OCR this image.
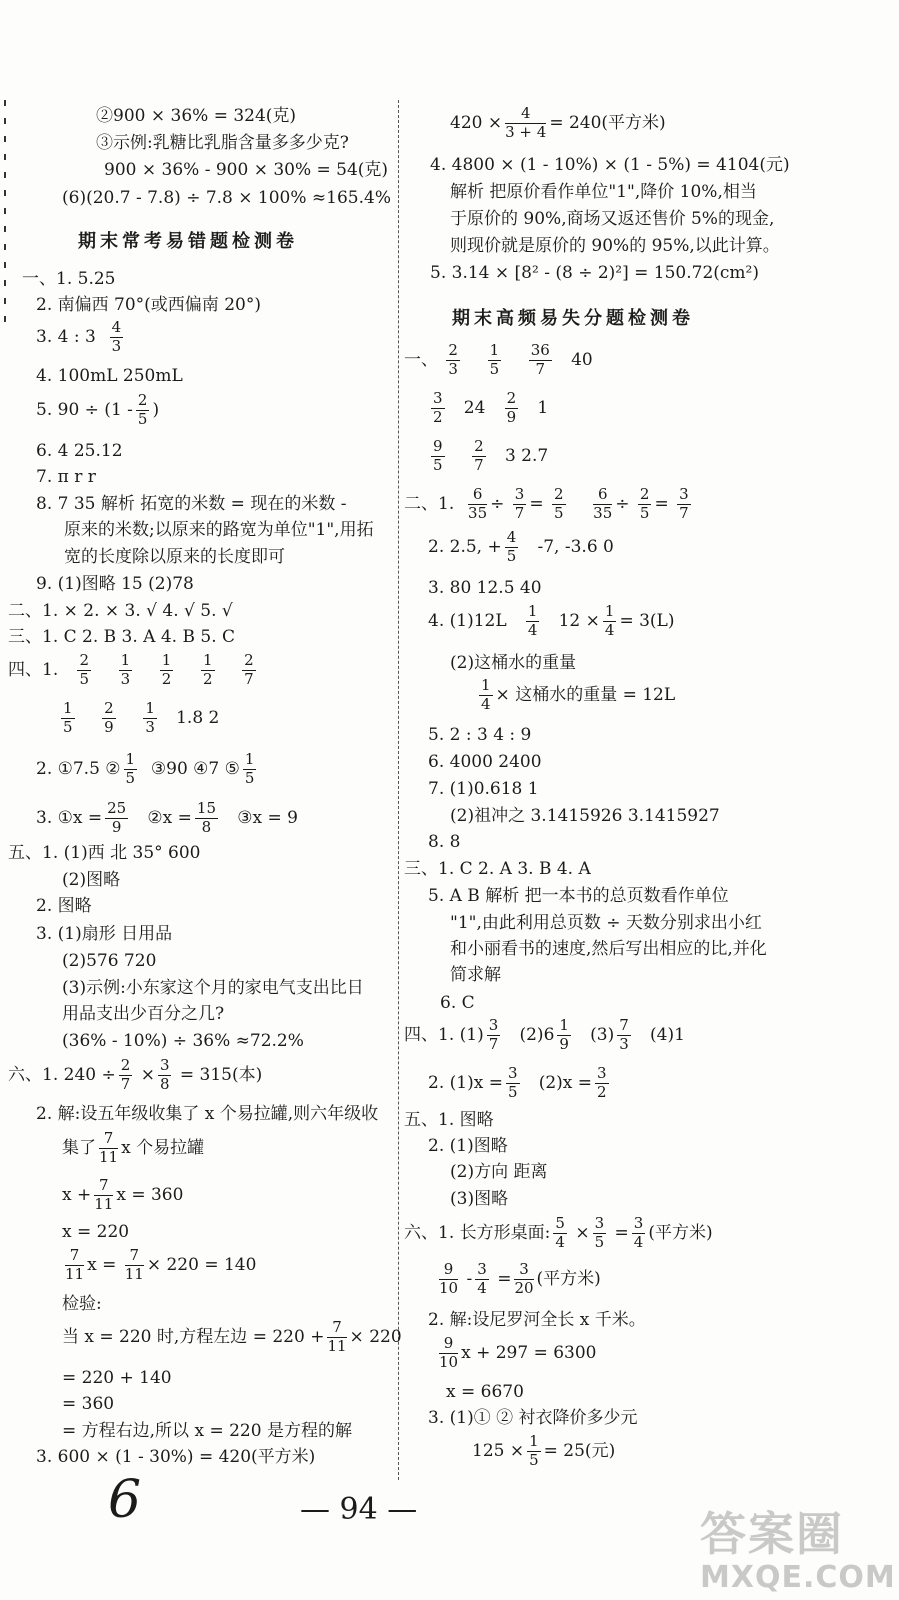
②900 × 36% = 324(克)
③示例:乳糖比乳脂含量多多少克?
900 × 36% - 900 × 30% = 54(克)
(6)(20.7 - 7.8) ÷ 7.8 × 100% ≈165.4%
期末常考易错题检测卷
一、1. 5.25
2. 南偏西 70°(或西偏南 20°)
3. 4 : $3 \frac{4}{3}$
4. 100mL 250mL
5. $90 \div (1 - \frac{2}{5}$ )
6. 4 25.12
7. π r r
8. 7 35 解析 拓宽的米数 = 现在的米数 -
原来的米数;以原来的路宽为单位"1",用拓
宽的长度除以原来的长度即可
9. (1)图略 15 (2)78
二、1. × 2. × 3. √ 4. √ 5. √
三、1. C 2. B 3. A 4. B 5. C
四、1. $\frac{2}{5}$
$\frac{1}{3}$
$\frac{1}{2}$
$\frac{1}{2}$
$\frac{2}{7}$
$\frac{1}{5}$
$\frac{2}{9}$
$\frac{1}{3} 1.8$ 2
2. ①7.5 ② $\frac{1}{5}$ ③90 ④7 ⑤ $\frac{1}{5}$
3. ①x = $\frac{25}{9}$ ②x = $\frac{15}{8}$ ③x = 9
五、1. (1)西 北 35° 600
(2)图略
2. 图略
3. (1)扇形 日用品
(2)576 720
(3)示例:小东家这个月的家电气支出比日
用品支出少百分之几?
(36% - 10%) ÷ 36% ≈72.2%
六、1. $240 \div \frac{2}{7} \times \frac{3}{8} = 315$(本)
2. 解:设五年级收集了 x 个易拉罐,则六年级收
集了 $\frac{7}{11}$ x 个易拉罐
$x + \frac{7}{11}$ x = 360
x = 220
$\frac{7}{11}$ $x = \frac{7}{11} \times 220 = 140$
检验:
当 x = 220 时,方程左边 = $220 + \frac{7}{11} \times 220$
= 220 + 140
= 360
= 方程右边,所以 x = 220 是方程的解
3. 600 × (1 - 30%) = 420(平方米)
$420 \times \frac{4}{3 + 4} = 240$(平方米)
4. 4800 × (1 - 10%) × (1 - 5%) = 4104(元)
解析 把原价看作单位"1",降价 10%,相当
于原价的 90%,商场又返还售价 5%的现金,
则现价就是原价的 90%的 95%,以此计算。
5. 3.14 × [8² - (8 ÷ 2)²] = 150.72(cm²)
期末高频易失分题检测卷
一、 $\frac{2}{3}$
$\frac{1}{5}$
$\frac{36}{7} 40$
$\frac{3}{2} 24 \frac{2}{9} 1$
$\frac{9}{5}$
$\frac{2}{7} 3$ 2.7
二、1. $\frac{6}{35} \div \frac{3}{7} = \frac{2}{5}$
$\frac{6}{35} \div \frac{2}{5} = \frac{3}{7}$
2. 2.5, + $\frac{4}{5} -7$, -3.6 0
3. 80 12.5 40
4. $(1)12L \frac{1}{4} 12 \times \frac{1}{4} = 3(L)$
(2)这桶水的重量
$\frac{1}{4}$ × 这桶水的重量 = 12L
5. 2 : 3 4 : 9
6. 4000 2400
7. (1)0.618 1
(2)祖冲之 3.1415926 3.1415927
8. 8
三、1. C 2. A 3. B 4. A
5. A B 解析 把一本书的总页数看作单位
"1",由此利用总页数 ÷ 天数分别求出小红
和小丽看书的速度,然后写出相应的比,并化
简求解
6. C
四、1. $(1) \frac{3}{7} (2)6 \frac{1}{9} (3) \frac{7}{3} (4)1$
2. $(1)x = \frac{3}{5} (2)x = \frac{3}{2}$
五、1. 图略
2. (1)图略
(2)方向 距离
(3)图略
六、1. 长方形桌面: $\frac{5}{4} \times \frac{3}{5} = \frac{3}{4}$ (平方米)
$\frac{9}{10} - \frac{3}{4} = \frac{3}{20}$ (平方米)
2. 解:设尼罗河全长 x 千米。
$\frac{9}{10}$ x + 297 = 6300
x = 6670
3. (1)① ② 衬衣降价多少元
$125 \times \frac{1}{5} = 25$(元)
6	— 94 —	答案圈
MXQE.COM
